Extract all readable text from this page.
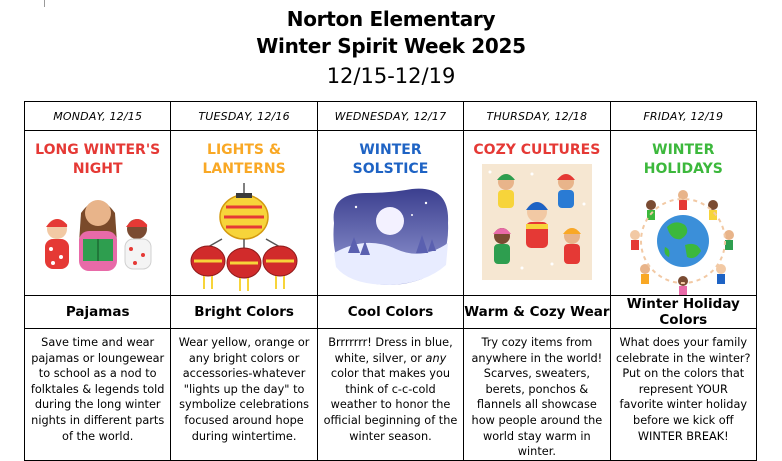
Norton Elementary
Winter Spirit Week 2025
12/15-12/19
MONDAY, 12/15	TUESDAY, 12/16	WEDNESDAY, 12/17	THURSDAY, 12/18	FRIDAY, 12/19

LONG WINTER'S NIGHT	LIGHTS & LANTERNS	WINTER SOLSTICE	COZY CULTURES	WINTER HOLIDAYS

Pajamas	Bright Colors	Cool Colors	Warm & Cozy Wear	Winter Holiday Colors
Save time and wear pajamas or loungewear to school as a nod to folktales & legends told during the long winter nights in different parts of the world.	Wear yellow, orange or any bright colors or accessories-whatever "lights up the day" to symbolize celebrations focused around hope during wintertime.	Brrrrrrr! Dress in blue, white, silver, or any color that makes you think of c-c-cold weather to honor the official beginning of the winter season.	Try cozy items from anywhere in the world! Scarves, sweaters, berets, ponchos & flannels all showcase how people around the world stay warm in winter.	What does your family celebrate in the winter? Put on the colors that represent YOUR favorite winter holiday before we kick off WINTER BREAK!
